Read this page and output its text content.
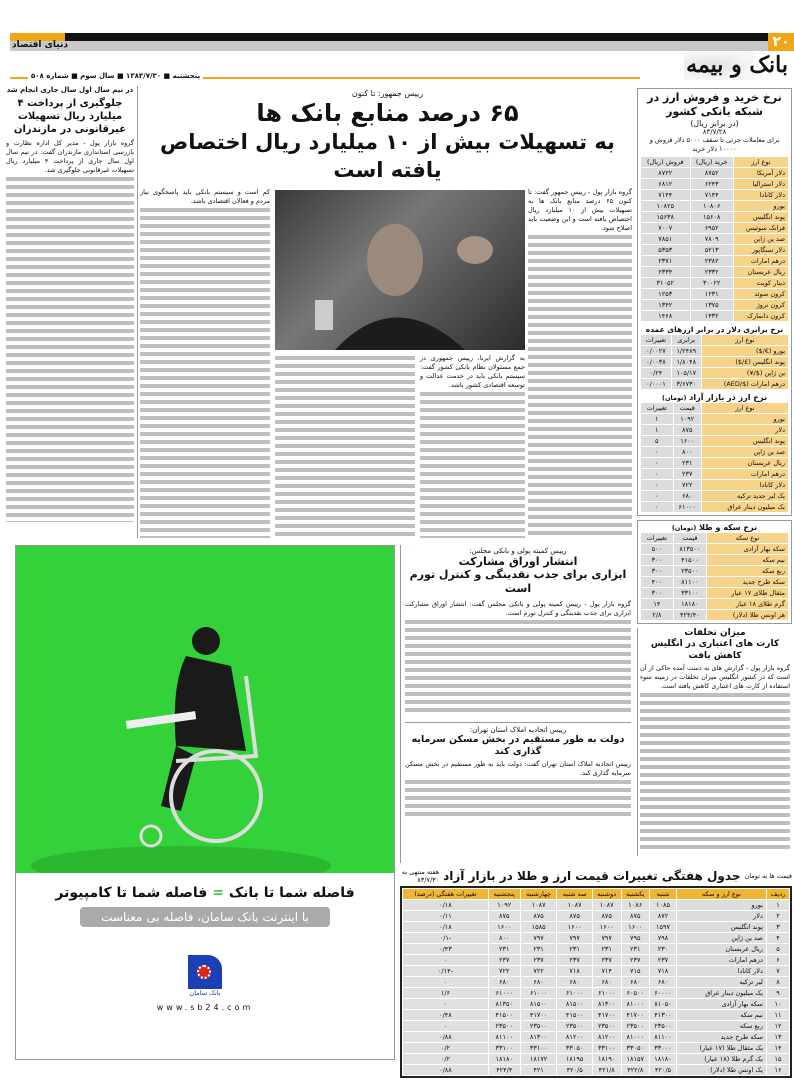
۲۰
دنیای اقتصاد
بانک و بیمه
پنجشنبه ■ ۱۳۸۳/۷/۳۰ ■ سال سوم ■ شماره ۵۰۸
در نیم سال اول سال جاری انجام شد
جلوگیری از پرداخت ۴ میلیارد ریال تسهیلات غیرقانونی در مازندران
گروه بازار پول - مدیر کل اداره نظارت و بازرسی استانداری مازندران گفت: در نیم سال اول سال جاری از پرداخت ۴ میلیارد ریال تسهیلات غیرقانونی جلوگیری شد.
رییس جمهور: تا کنون
۶۵ درصد منابع بانک ها
به تسهیلات بیش از ۱۰ میلیارد ریال اختصاص یافته است
گروه بازار پول - رییس جمهور گفت: تا کنون ۶۵ درصد منابع بانک ها به تسهیلات بیش از ۱۰ میلیارد ریال اختصاص یافته است و این وضعیت باید اصلاح شود.
به گزارش ایرنا، رییس جمهوری در جمع مسئولان نظام بانکی کشور گفت: سیستم بانکی باید در خدمت عدالت و توسعه اقتصادی کشور باشد.
کم است و سیستم بانکی باید پاسخگوی نیاز مردم و فعالان اقتصادی باشد.
نرخ خرید و فروش ارز در شبکه بانکی کشور
(در برابر ریال)
۸۳/۷/۲۸
برای معاملات جزئی تا سقف ۵۰۰۰ دلار فروش و ۱۰۰۰۰ دلار خرید
نوع ارز	خرید (ریال)	فروش (ریال)
دلار آمریکا	۸۷۵۲	۸۷۲۲
دلار استرالیا	۶۲۴۳	۶۸۱۲
دلار کانادا	۷۱۴۴	۷۱۴۴
یورو	۱۰۸۰۶	۱۰۸۲۵
پوند انگلیس	۱۵۶۰۸	۱۵۶۳۸
فرانک سوئیس	۶۹۵۲	۷۰۰۷
صد ین ژاپن	۷۸۰۹	۷۸۵۱
دلار سنگاپور	۵۲۱۳	۵۳۵۳
درهم امارات	۲۳۸۲	۲۳۷۱
ریال عربستان	۲۳۳۲	۲۳۳۴
دینار کویت	۳۰۰۲۲	۳۱۰۵۲
کرون سوئد	۱۲۳۱	۱۲۵۳
کرون نروژ	۱۳۷۵	۱۳۴۲
کرون دانمارک	۱۴۳۲	۱۴۶۸
نرخ برابری دلار در برابر ارزهای عمده
نوع ارز	برابری	تغییرات
یورو (€/$)	۱/۲۴۸۹	۰/۰۰۲۷
پوند انگلیس (£/$)	۱/۸۰۴۸	۰/۰۰۳۸
ین ژاپن ($/¥)	۱۰۵/۱۷	۰/۲۴
درهم امارات ($/AED)	۳/۶۷۳۰	۰/۰۰۰۱
نرخ ارز در بازار آزاد (تومان)
نوع ارز	قیمت	تغییرات
یورو	۱۰۹۲	۱
دلار	۸۷۵	۱
پوند انگلیس	۱۶۰۰	۵
صد ین ژاپن	۸۰۰	۰
ریال عربستان	۲۳۱	۰
درهم امارات	۲۳۷	۰
دلار کانادا	۷۲۲	۰
یک لیر جدید ترکیه	۶۸۰	۰
یک میلیون دینار عراق	۶۱۰۰۰	۰
نرخ سکه و طلا (تومان)
نوع سکه	قیمت	تغییرات
سکه بهار آزادی	۸۱۳۵۰۰	۵۰۰
نیم سکه	۴۱۵۰۰	۳۰۰
ربع سکه	۲۳۵۰۰	۳۰۰
سکه طرح جدید	۸۱۱۰۰	۴۰۰
مثقال طلای ۱۷ عیار	۳۳۱۰۰	۳۰۰
گرم طلای ۱۸ عیار	۱۸۱۸۰	۱۴
هر اونس طلا (دلار)	۴۲۴/۴۰	۲/۸
میزان تخلفات
کارت های اعتباری در انگلیس کاهش یافت
گروه بازار پول - گزارش های به دست آمده حاکی از آن است که در کشور انگلیس میزان تخلفات در زمینه سوء استفاده از کارت های اعتباری کاهش یافته است.
رییس کمیته پولی و بانکی مجلس:
انتشار اوراق مشارکت
ابزاری برای جذب نقدینگی و کنترل تورم است
گروه بازار پول - رییس کمیته پولی و بانکی مجلس گفت: انتشار اوراق مشارکت ابزاری برای جذب نقدینگی و کنترل تورم است.
رییس اتحادیه املاک استان تهران:
دولت به طور مستقیم در بخش مسکن سرمایه گذاری کند
رییس اتحادیه املاک استان تهران گفت: دولت باید به طور مستقیم در بخش مسکن سرمایه گذاری کند.
فاصله شما تا بانک = فاصله شما تا کامپیوتر
با اینترنت بانک سامان، فاصله بی معناست
بانک سامان
www.sb24.com
قیمت ها به تومان
جدول هفتگی تغییرات قیمت ارز و طلا در بازار آزاد
هفته منتهی به ۸۳/۷/۳۰
ردیف	نوع ارز و سکه	شنبه	یکشنبه	دوشنبه	سه شنبه	چهارشنبه	پنجشنبه	تغییرات هفتگی (درصد)
۱	یورو	۱۰۸۵	۱۰۸۶	۱۰۸۷	۱۰۸۷	۱۰۸۷	۱۰۹۲	۰/۱۸
۲	دلار	۸۷۲	۸۷۵	۸۷۵	۸۷۵	۸۷۵	۸۷۵	۰/۱۱
۳	پوند انگلیس	۱۵۹۷	۱۶۰۰	۱۶۰۰	۱۶۰۰	۱۵۸۵	۱۶۰۰	۰/۱۸
۴	صد ین ژاپن	۷۹۸	۷۹۵	۷۹۷	۷۹۷	۷۹۷	۸۰۰	-۰/۱
۵	ریال عربستان	۲۳۰	۲۳۱	۲۳۱	۲۳۱	۲۳۱	۲۳۱	۰/۴۳
۶	درهم امارات	۲۳۷	۲۳۷	۲۳۷	۲۳۷	۲۳۷	۲۳۷	۰
۷	دلار کانادا	۷۱۸	۷۱۵	۷۱۴	۷۱۸	۷۲۲	۷۲۲	-۰/۱۴
۸	لیر ترکیه	۶۸۰	۶۸۰	۶۸۰	۶۸۰	۶۸۰	۶۸۰	۰
۹	یک میلیون دینار عراق	۶۰۰۰۰	۶۰۵۰۰	۶۱۰۰۰	۶۱۰۰۰	۶۱۰۰۰	۶۱۰۰۰	۱/۶
۱۰	سکه بهار آزادی	۸۱۰۵۰	۸۱۰۰۰	۸۱۳۰۰	۸۱۵۰۰	۸۱۵۰۰	۸۱۳۵۰	۰
۱۱	نیم سکه	۴۱۳۰۰	۴۱۷۰۰	۴۱۷۰۰	۴۱۵۰۰	۴۱۷۰۰	۴۱۵۰۰	۰/۴۸
۱۲	ربع سکه	۲۳۵۰۰	۲۳۵۰۰	۲۳۵۰۰	۲۳۵۰۰	۲۳۵۰۰	۲۳۵۰۰	۰
۱۳	سکه طرح جدید	۸۱۱۰۰	۸۱۰۰۰	۸۱۲۰۰	۸۱۲۰۰	۸۱۳۰۰	۸۱۱۰۰	۰/۸۸
۱۴	یک مثقال طلا (۱۷ عیار)	۳۳۰۰۰	۳۳۰۵۰	۳۳۱۰۰	۳۳۰۵۰	۳۳۱۰۰	۳۳۱۰۰	۰/۲
۱۵	یک گرم طلا (۱۸ عیار)	۱۸۱۸۰	۱۸۱۵۷	۱۸۱۹۰	۱۸۱۹۵	۱۸۱۷۲	۱۸۱۸۰	۰/۲
۱۶	یک اونس طلا (دلار)	۴۲۰/۵	۴۲۲/۸	۴۲۱/۸	۴۲۰/۵	۴۲۱	۴۲۴/۴	۰/۸۸
